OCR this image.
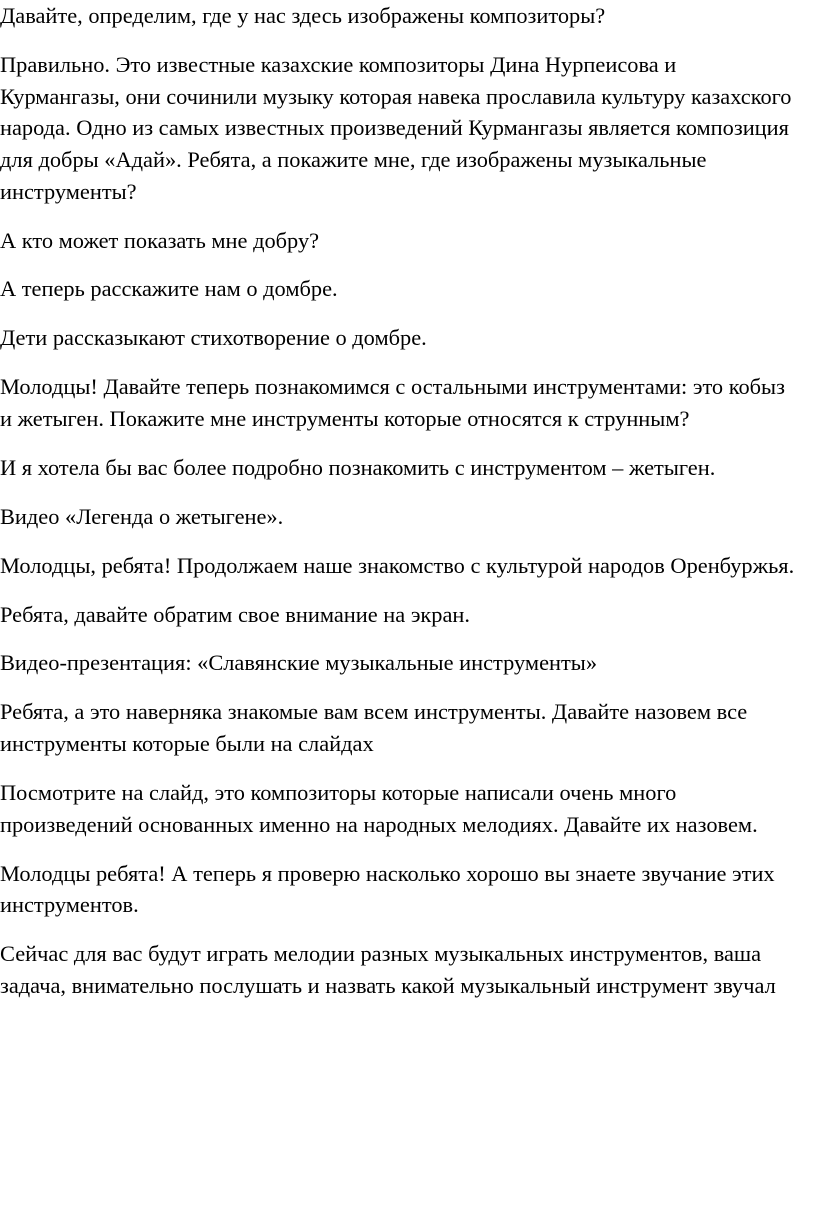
Давайте, определим, где у нас здесь изображены композиторы?

Правильно. Это известные казахские композиторы Дина Нурпеисова и Курмангазы, они сочинили музыку которая навека прославила культуру казахского народа. Одно из самых известных произведений Курмангазы является композиция для добры «Адай». Ребята, а покажите мне, где изображены музыкальные инструменты?

А кто может показать мне добру?

А теперь расскажите нам о домбре.

Дети рассказыкают стихотворение о домбре.

Молодцы! Давайте теперь познакомимся с остальными инструментами: это кобыз и жетыген. Покажите мне инструменты которые относятся к струнным?

И я хотела бы вас более подробно познакомить с инструментом – жетыген.

Видео «Легенда о жетыгене».

Молодцы, ребята! Продолжаем наше знакомство с культурой народов Оренбуржья.

Ребята, давайте обратим свое внимание на экран.

Видео-презентация: «Славянские музыкальные инструменты»

Ребята, а это наверняка знакомые вам всем инструменты. Давайте назовем все инструменты которые были на слайдах

Посмотрите на слайд, это композиторы которые написали очень много произведений основанных именно на народных мелодиях. Давайте их назовем.

Молодцы ребята! А теперь я проверю насколько хорошо вы знаете звучание этих инструментов.

Сейчас для вас будут играть мелодии разных музыкальных инструментов, ваша задача, внимательно послушать и назвать какой музыкальный инструмент звучал
